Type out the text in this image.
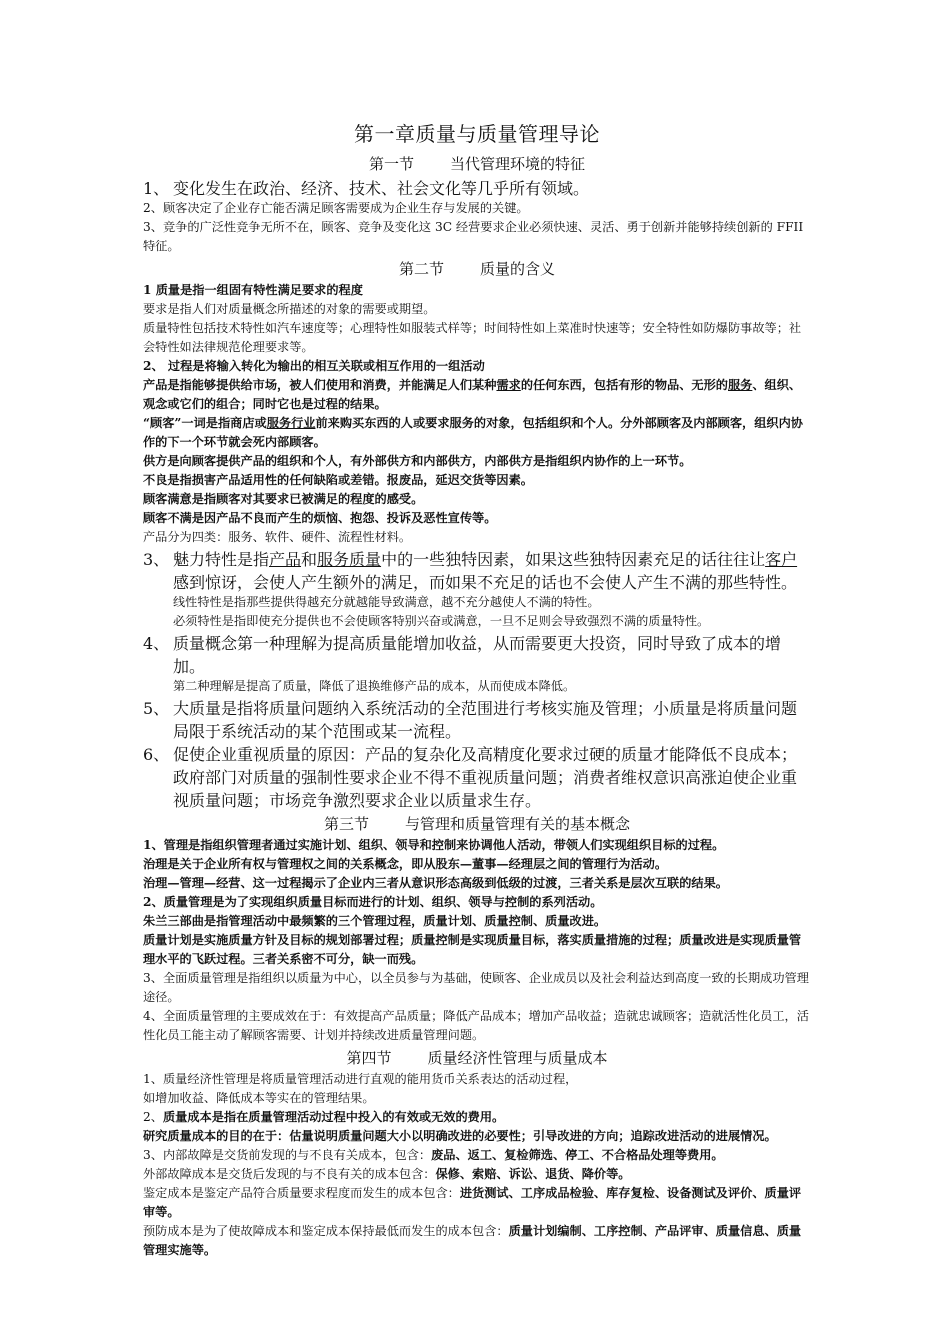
第一章质量与质量管理导论
第一节 当代管理环境的特征
1、 变化发生在政治、经济、技术、社会文化等几乎所有领域。

2、顾客决定了企业存亡能否满足顾客需要成为企业生存与发展的关键。

3、竞争的广泛性竞争无所不在，顾客、竞争及变化这 3C 经营要求企业必须快速、灵活、勇于创新并能够持续创新的 FFII 特征。

第二节 质量的含义

1 质量是指一组固有特性满足要求的程度

要求是指人们对质量概念所描述的对象的需要或期望。

质量特性包括技术特性如汽车速度等；心理特性如服装式样等；时间特性如上菜准时快速等；安全特性如防爆防事故等；社会特性如法律规范伦理要求等。

2、 过程是将输入转化为输出的相互关联或相互作用的一组活动

产品是指能够提供给市场，被人们使用和消费，并能满足人们某种需求的任何东西，包括有形的物品、无形的服务、组织、观念或它们的组合；同时它也是过程的结果。

“顾客”一词是指商店或服务行业前来购买东西的人或要求服务的对象，包括组织和个人。分外部顾客及内部顾客，组织内协作的下一个环节就会死内部顾客。

供方是向顾客提供产品的组织和个人，有外部供方和内部供方，内部供方是指组织内协作的上一环节。

不良是指损害产品适用性的任何缺陷或差错。报废品，延迟交货等因素。

顾客满意是指顾客对其要求已被满足的程度的感受。

顾客不满是因产品不良而产生的烦恼、抱怨、投诉及恶性宣传等。

产品分为四类：服务、软件、硬件、流程性材料。

3、 魅力特性是指产品和服务质量中的一些独特因素，如果这些独特因素充足的话往往让客户感到惊讶，会使人产生额外的满足，而如果不充足的话也不会使人产生不满的那些特性。

线性特性是指那些提供得越充分就越能导致满意，越不充分越使人不满的特性。

必须特性是指即使充分提供也不会使顾客特别兴奋或满意，一旦不足则会导致强烈不满的质量特性。

4、 质量概念第一种理解为提高质量能增加收益，从而需要更大投资，同时导致了成本的增加。

第二种理解是提高了质量，降低了退换维修产品的成本，从而使成本降低。

5、 大质量是指将质量问题纳入系统活动的全范围进行考核实施及管理；小质量是将质量问题局限于系统活动的某个范围或某一流程。
6、 促使企业重视质量的原因：产品的复杂化及高精度化要求过硬的质量才能降低不良成本；政府部门对质量的强制性要求企业不得不重视质量问题；消费者维权意识高涨迫使企业重视质量问题；市场竞争激烈要求企业以质量求生存。
第三节 与管理和质量管理有关的基本概念

1、管理是指组织管理者通过实施计划、组织、领导和控制来协调他人活动，带领人们实现组织目标的过程。

治理是关于企业所有权与管理权之间的关系概念，即从股东—董事—经理层之间的管理行为活动。

治理—管理—经营、这一过程揭示了企业内三者从意识形态高级到低级的过渡，三者关系是层次互联的结果。

2、质量管理是为了实现组织质量目标而进行的计划、组织、领导与控制的系列活动。

朱兰三部曲是指管理活动中最频繁的三个管理过程，质量计划、质量控制、质量改进。

质量计划是实施质量方针及目标的规划部署过程；质量控制是实现质量目标，落实质量措施的过程；质量改进是实现质量管理水平的飞跃过程。三者关系密不可分，缺一而残。

3、全面质量管理是指组织以质量为中心，以全员参与为基础，使顾客、企业成员以及社会利益达到高度一致的长期成功管理途径。

4、全面质量管理的主要成效在于：有效提高产品质量；降低产品成本；增加产品收益；造就忠诚顾客；造就活性化员工，活性化员工能主动了解顾客需要、计划并持续改进质量管理问题。

第四节 质量经济性管理与质量成本

1、质量经济性管理是将质量管理活动进行直观的能用货币关系表达的活动过程，

如增加收益、降低成本等实在的管理结果。

2、质量成本是指在质量管理活动过程中投入的有效或无效的费用。

研究质量成本的目的在于：估量说明质量问题大小以明确改进的必要性；引导改进的方向；追踪改进活动的进展情况。

3、内部故障是交货前发现的与不良有关成本，包含：废品、返工、复检筛选、停工、不合格品处理等费用。

外部故障成本是交货后发现的与不良有关的成本包含：保修、索赔、诉讼、退货、降价等。

鉴定成本是鉴定产品符合质量要求程度而发生的成本包含：进货测试、工序成品检验、库存复检、设备测试及评价、质量评审等。

预防成本是为了使故障成本和鉴定成本保持最低而发生的成本包含：质量计划编制、工序控制、产品评审、质量信息、质量管理实施等。
